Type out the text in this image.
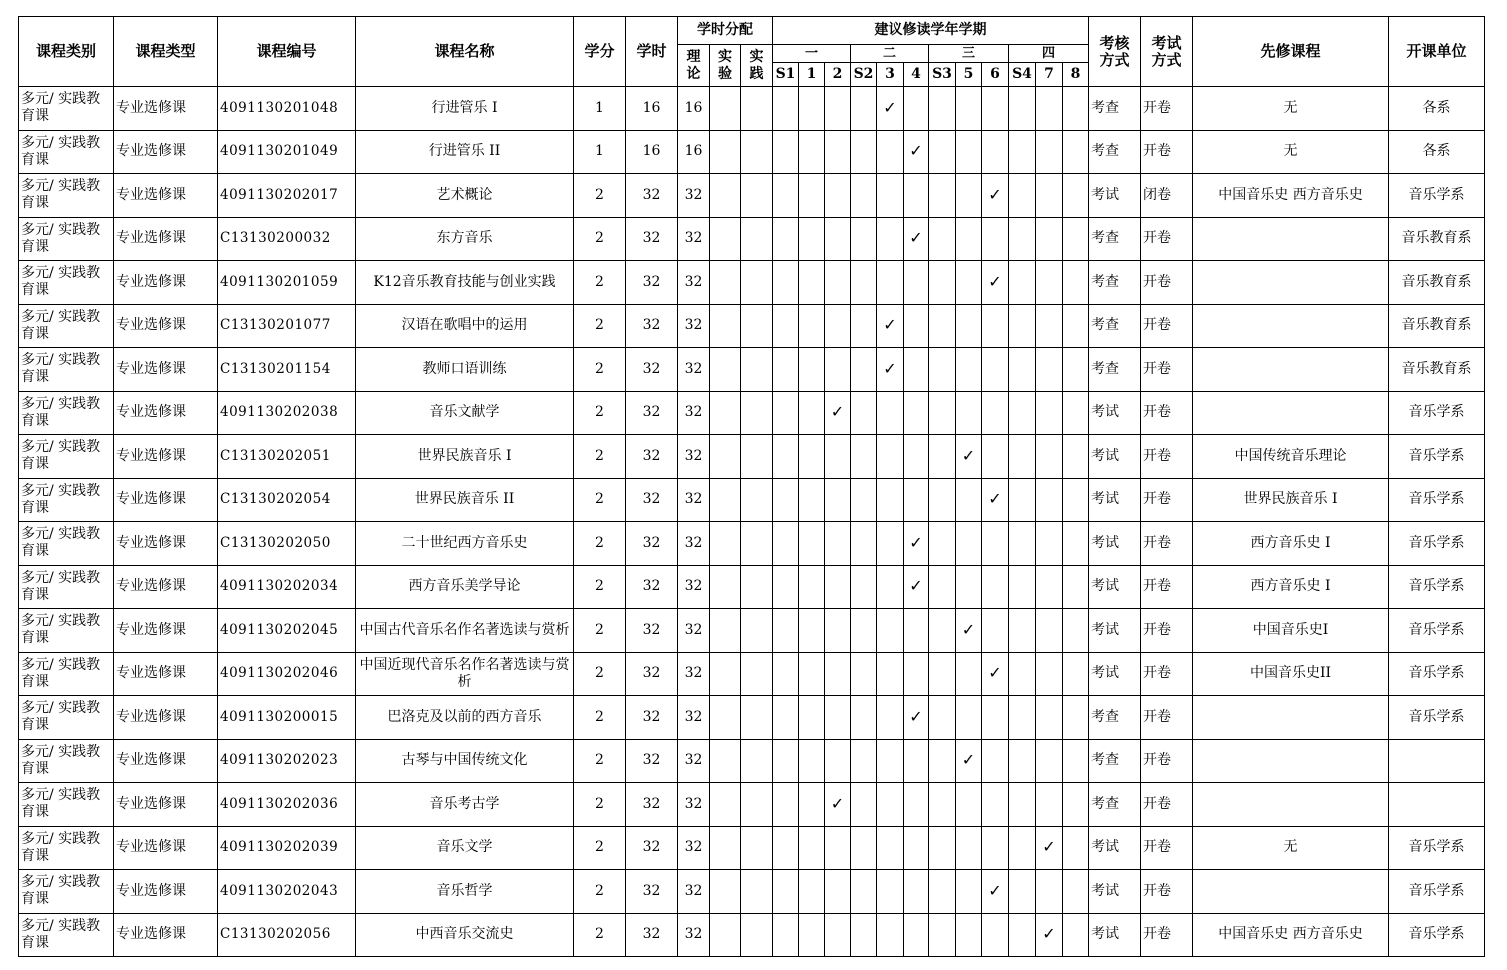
课程类别	课程类型	课程编号	课程名称	学分	学时	学时分配			建议修读学年学期												考核方式	考试方式	先修课程	开课单位
						理论	实验	实践	一			二			三			四						
									S1	1	2	S2	3	4	S3	5	6	S4	7	8				
多元/ 实践教育课	专业选修课	4091130201048	行进管乐 I	1	16	16							✓								考查	开卷	无	各系
多元/ 实践教育课	专业选修课	4091130201049	行进管乐 II	1	16	16								✓							考查	开卷	无	各系
多元/ 实践教育课	专业选修课	4091130202017	艺术概论	2	32	32											✓				考试	闭卷	中国音乐史 西方音乐史	音乐学系
多元/ 实践教育课	专业选修课	C13130200032	东方音乐	2	32	32								✓							考查	开卷		音乐教育系
多元/ 实践教育课	专业选修课	4091130201059	K12音乐教育技能与创业实践	2	32	32											✓				考查	开卷		音乐教育系
多元/ 实践教育课	专业选修课	C13130201077	汉语在歌唱中的运用	2	32	32							✓								考查	开卷		音乐教育系
多元/ 实践教育课	专业选修课	C13130201154	教师口语训练	2	32	32							✓								考查	开卷		音乐教育系
多元/ 实践教育课	专业选修课	4091130202038	音乐文献学	2	32	32					✓										考试	开卷		音乐学系
多元/ 实践教育课	专业选修课	C13130202051	世界民族音乐 I	2	32	32										✓					考试	开卷	中国传统音乐理论	音乐学系
多元/ 实践教育课	专业选修课	C13130202054	世界民族音乐 II	2	32	32											✓				考试	开卷	世界民族音乐 I	音乐学系
多元/ 实践教育课	专业选修课	C13130202050	二十世纪西方音乐史	2	32	32								✓							考试	开卷	西方音乐史 I	音乐学系
多元/ 实践教育课	专业选修课	4091130202034	西方音乐美学导论	2	32	32								✓							考试	开卷	西方音乐史 I	音乐学系
多元/ 实践教育课	专业选修课	4091130202045	中国古代音乐名作名著选读与赏析	2	32	32										✓					考试	开卷	中国音乐史I	音乐学系
多元/ 实践教育课	专业选修课	4091130202046	中国近现代音乐名作名著选读与赏析	2	32	32											✓				考试	开卷	中国音乐史II	音乐学系
多元/ 实践教育课	专业选修课	4091130200015	巴洛克及以前的西方音乐	2	32	32								✓							考查	开卷		音乐学系
多元/ 实践教育课	专业选修课	4091130202023	古琴与中国传统文化	2	32	32										✓					考查	开卷		
多元/ 实践教育课	专业选修课	4091130202036	音乐考古学	2	32	32					✓										考查	开卷		
多元/ 实践教育课	专业选修课	4091130202039	音乐文学	2	32	32													✓		考试	开卷	无	音乐学系
多元/ 实践教育课	专业选修课	4091130202043	音乐哲学	2	32	32											✓				考试	开卷		音乐学系
多元/ 实践教育课	专业选修课	C13130202056	中西音乐交流史	2	32	32													✓		考试	开卷	中国音乐史 西方音乐史	音乐学系
